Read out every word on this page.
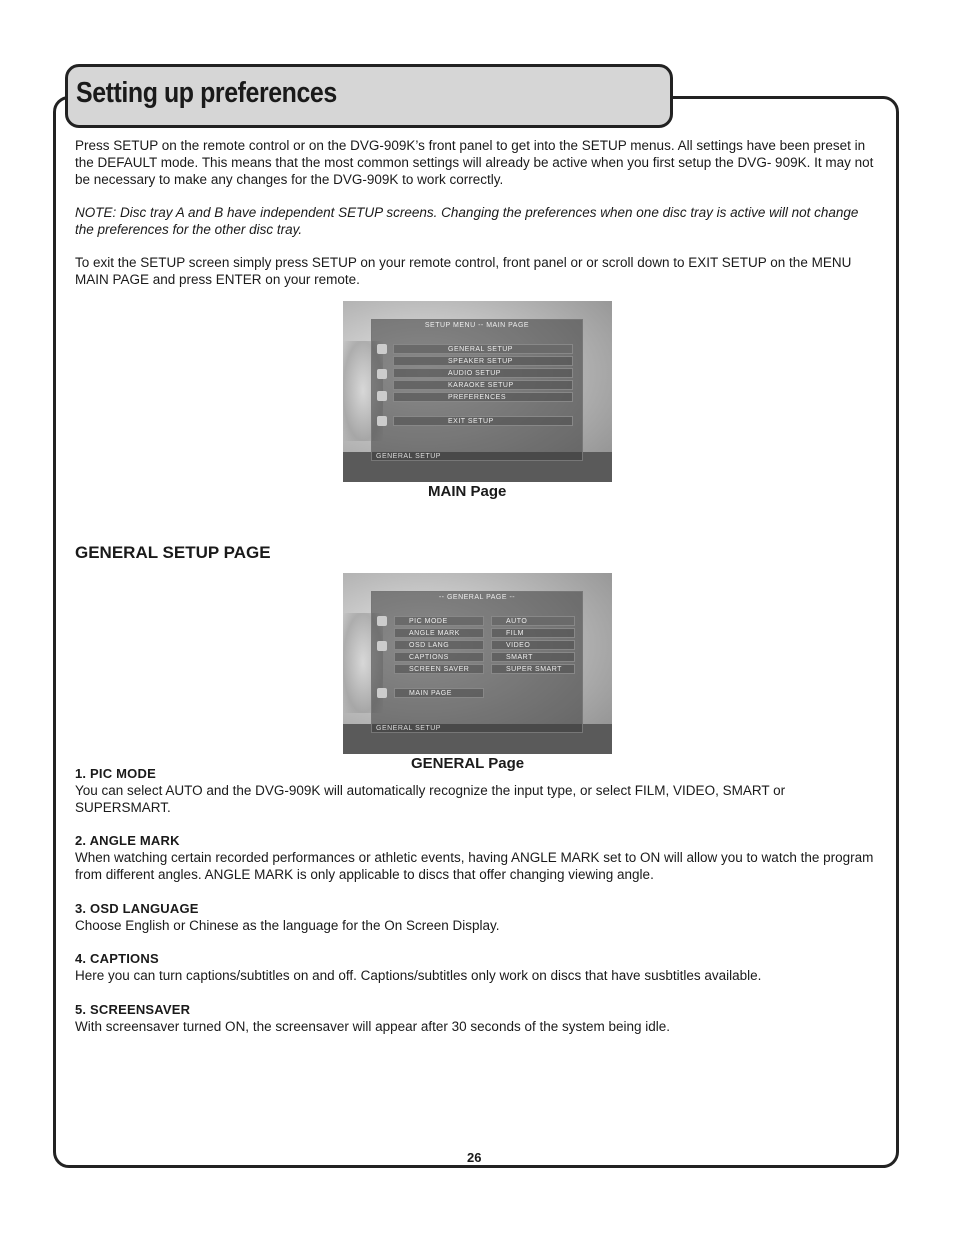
Setting up preferences

Press SETUP on the remote control or on the DVG-909K’s front panel to get into the SETUP menus. All settings have been preset in the DEFAULT mode. This means that the most common settings will already be active when you first setup the DVG- 909K. It may not be necessary to make any changes for the DVG-909K to work correctly.

NOTE: Disc tray A and B have independent SETUP screens. Changing the preferences when one disc tray is active will not change the preferences for the other disc tray.

To exit the SETUP screen simply press SETUP on your remote control, front panel or or scroll down to EXIT SETUP on the MENU MAIN PAGE and press ENTER on your remote.

SETUP MENU -- MAIN PAGE
GENERAL SETUP
SPEAKER SETUP
AUDIO SETUP
KARAOKE SETUP
PREFERENCES
EXIT SETUP
GENERAL SETUP
MAIN Page
GENERAL SETUP PAGE
-- GENERAL PAGE --
PIC MODE
ANGLE MARK
OSD LANG
CAPTIONS
SCREEN SAVER
MAIN PAGE
AUTO
FILM
VIDEO
SMART
SUPER SMART
GENERAL SETUP
GENERAL Page

1. PIC MODE

You can select AUTO and the DVG-909K will automatically recognize the input type, or select FILM, VIDEO, SMART or SUPERSMART.

2. ANGLE MARK

When watching certain recorded performances or athletic events, having ANGLE MARK set to ON will allow you to watch the program from different angles. ANGLE MARK is only applicable to discs that offer changing viewing angle.

3. OSD LANGUAGE

Choose English or Chinese as the language for the On Screen Display.

4. CAPTIONS

Here you can turn captions/subtitles on and off. Captions/subtitles only work on discs that have susbtitles available.

5. SCREENSAVER

With screensaver turned ON, the screensaver will appear after 30 seconds of the system being idle.

26
